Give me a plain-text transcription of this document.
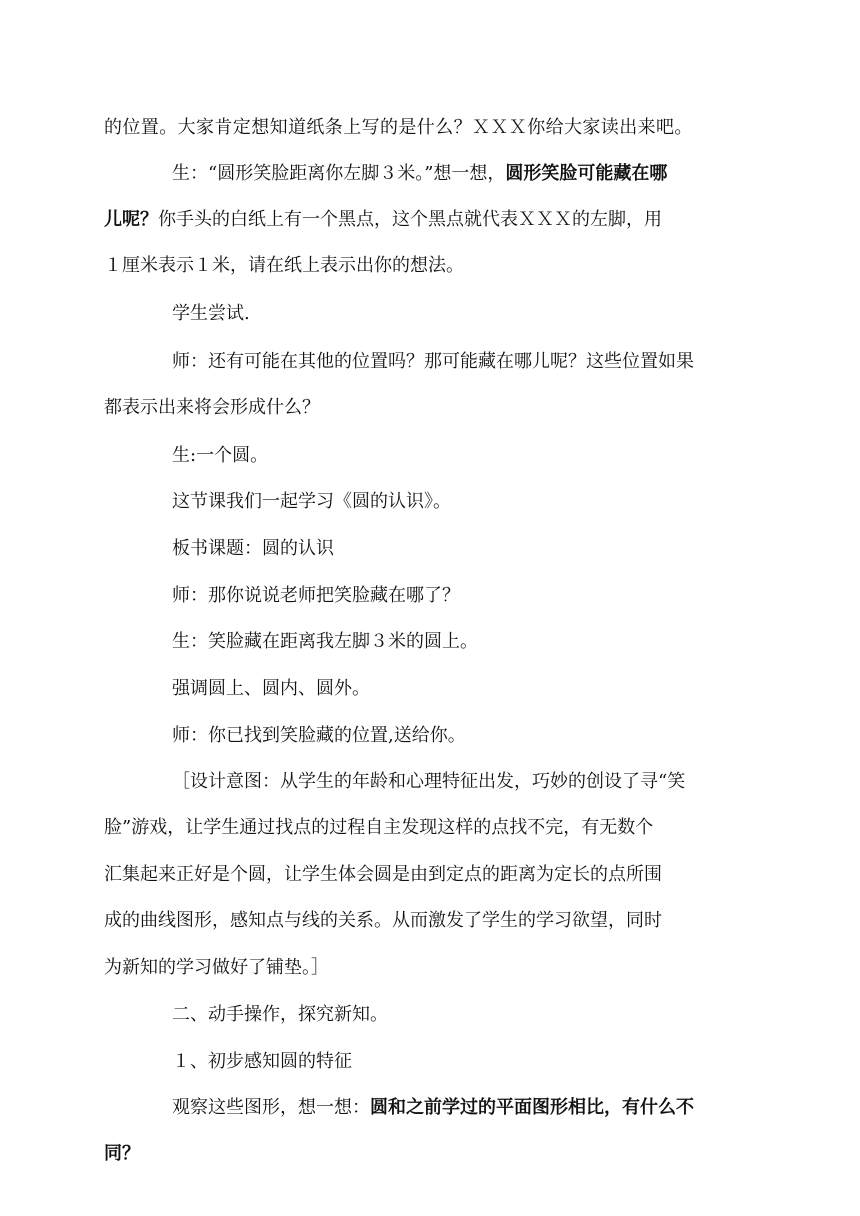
的位置。大家肯定想知道纸条上写的是什么？ＸＸＸ你给大家读出来吧。
生：“圆形笑脸距离你左脚３米。”想一想，圆形笑脸可能藏在哪
儿呢？你手头的白纸上有一个黑点，这个黑点就代表ＸＸＸ的左脚，用
１厘米表示１米，请在纸上表示出你的想法。
学生尝试.
师：还有可能在其他的位置吗？那可能藏在哪儿呢？这些位置如果
都表示出来将会形成什么？
生:一个圆。
这节课我们一起学习《圆的认识》。
板书课题：圆的认识
师：那你说说老师把笑脸藏在哪了？
生：笑脸藏在距离我左脚３米的圆上。
强调圆上、圆内、圆外。
师：你已找到笑脸藏的位置,送给你。
［设计意图：从学生的年龄和心理特征出发，巧妙的创设了寻“笑
脸”游戏，让学生通过找点的过程自主发现这样的点找不完，有无数个
汇集起来正好是个圆，让学生体会圆是由到定点的距离为定长的点所围
成的曲线图形，感知点与线的关系。从而激发了学生的学习欲望，同时
为新知的学习做好了铺垫。］
二、动手操作，探究新知。
１、初步感知圆的特征
观察这些图形，想一想：圆和之前学过的平面图形相比，有什么不
同？
